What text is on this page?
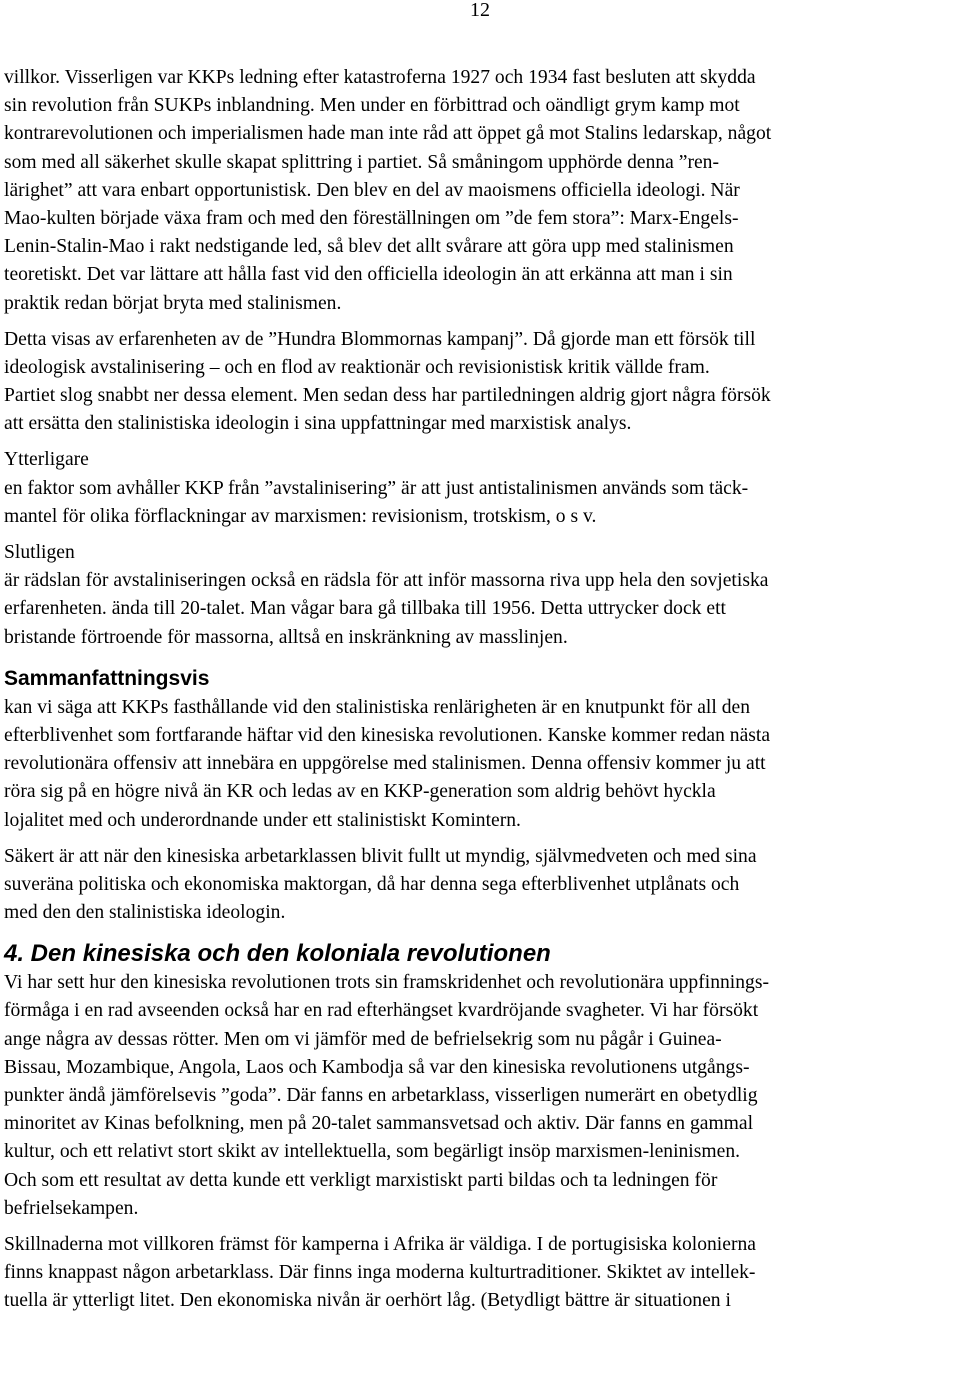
12
villkor. Visserligen var KKPs ledning efter katastroferna 1927 och 1934 fast besluten att skydda
sin revolution från SUKPs inblandning. Men under en förbittrad och oändligt grym kamp mot
kontrarevolutionen och imperialismen hade man inte råd att öppet gå mot Stalins ledarskap, något
som med all säkerhet skulle skapat splittring i partiet. Så småningom upphörde denna ”ren-
lärighet” att vara enbart opportunistisk. Den blev en del av maoismens officiella ideologi. När
Mao-kulten började växa fram och med den föreställningen om ”de fem stora”: Marx-Engels-
Lenin-Stalin-Mao i rakt nedstigande led, så blev det allt svårare att göra upp med stalinismen
teoretiskt. Det var lättare att hålla fast vid den officiella ideologin än att erkänna att man i sin
praktik redan börjat bryta med stalinismen.
Detta visas av erfarenheten av de ”Hundra Blommornas kampanj”. Då gjorde man ett försök till
ideologisk avstalinisering – och en flod av reaktionär och revisionistisk kritik vällde fram.
Partiet slog snabbt ner dessa element. Men sedan dess har partiledningen aldrig gjort några försök
att ersätta den stalinistiska ideologin i sina uppfattningar med marxistisk analys.
Ytterligare
en faktor som avhåller KKP från ”avstalinisering” är att just antistalinismen används som täck-
mantel för olika förflackningar av marxismen: revisionism, trotskism, o s v.
Slutligen
är rädslan för avstaliniseringen också en rädsla för att inför massorna riva upp hela den sovjetiska
erfarenheten. ända till 20-talet. Man vågar bara gå tillbaka till 1956. Detta uttrycker dock ett
bristande förtroende för massorna, alltså en inskränkning av masslinjen.
Sammanfattningsvis
kan vi säga att KKPs fasthållande vid den stalinistiska renlärigheten är en knutpunkt för all den
efterblivenhet som fortfarande häftar vid den kinesiska revolutionen. Kanske kommer redan nästa
revolutionära offensiv att innebära en uppgörelse med stalinismen. Denna offensiv kommer ju att
röra sig på en högre nivå än KR och ledas av en KKP-generation som aldrig behövt hyckla
lojalitet med och underordnande under ett stalinistiskt Komintern.
Säkert är att när den kinesiska arbetarklassen blivit fullt ut myndig, självmedveten och med sina
suveräna politiska och ekonomiska maktorgan, då har denna sega efterblivenhet utplånats och
med den den stalinistiska ideologin.
4. Den kinesiska och den koloniala revolutionen
Vi har sett hur den kinesiska revolutionen trots sin framskridenhet och revolutionära uppfinnings-
förmåga i en rad avseenden också har en rad efterhängset kvardröjande svagheter. Vi har försökt
ange några av dessas rötter. Men om vi jämför med de befrielsekrig som nu pågår i Guinea-
Bissau, Mozambique, Angola, Laos och Kambodja så var den kinesiska revolutionens utgångs-
punkter ändå jämförelsevis ”goda”. Där fanns en arbetarklass, visserligen numerärt en obetydlig
minoritet av Kinas befolkning, men på 20-talet sammansvetsad och aktiv. Där fanns en gammal
kultur, och ett relativt stort skikt av intellektuella, som begärligt insöp marxismen-leninismen.
Och som ett resultat av detta kunde ett verkligt marxistiskt parti bildas och ta ledningen för
befrielsekampen.
Skillnaderna mot villkoren främst för kamperna i Afrika är väldiga. I de portugisiska kolonierna
finns knappast någon arbetarklass. Där finns inga moderna kulturtraditioner. Skiktet av intellek-
tuella är ytterligt litet. Den ekonomiska nivån är oerhört låg. (Betydligt bättre är situationen i
